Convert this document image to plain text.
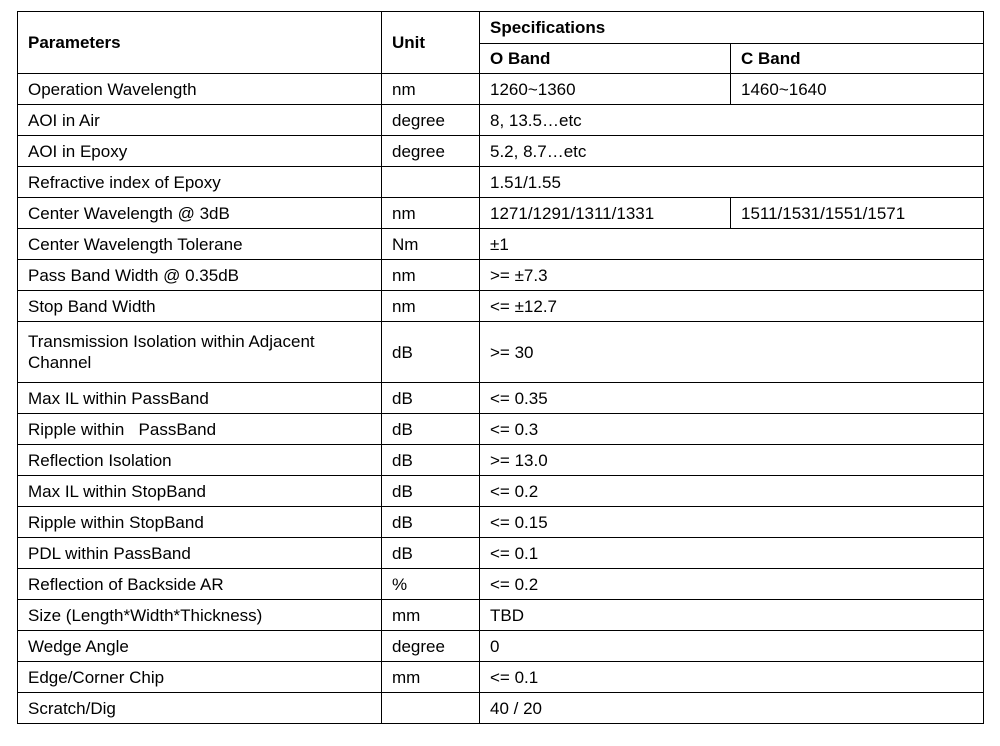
Parameters	Unit	Specifications	
		O Band	C Band
Operation Wavelength	nm	1260~1360	1460~1640
AOI in Air	degree	8, 13.5…etc	
AOI in Epoxy	degree	5.2, 8.7…etc	
Refractive index of Epoxy		1.51/1.55	
Center Wavelength @ 3dB	nm	1271/1291/1311/1331	1511/1531/1551/1571
Center Wavelength Tolerane	Nm	±1	
Pass Band Width @ 0.35dB	nm	>= ±7.3	
Stop Band Width	nm	<= ±12.7	
Transmission Isolation within Adjacent Channel	dB	>= 30	
Max IL within PassBand	dB	<= 0.35	
Ripple within   PassBand	dB	<= 0.3	
Reflection Isolation	dB	>= 13.0	
Max IL within StopBand	dB	<= 0.2	
Ripple within StopBand	dB	<= 0.15	
PDL within PassBand	dB	<= 0.1	
Reflection of Backside AR	%	<= 0.2	
Size (Length*Width*Thickness)	mm	TBD	
Wedge Angle	degree	0	
Edge/Corner Chip	mm	<= 0.1	
Scratch/Dig		40 / 20	
